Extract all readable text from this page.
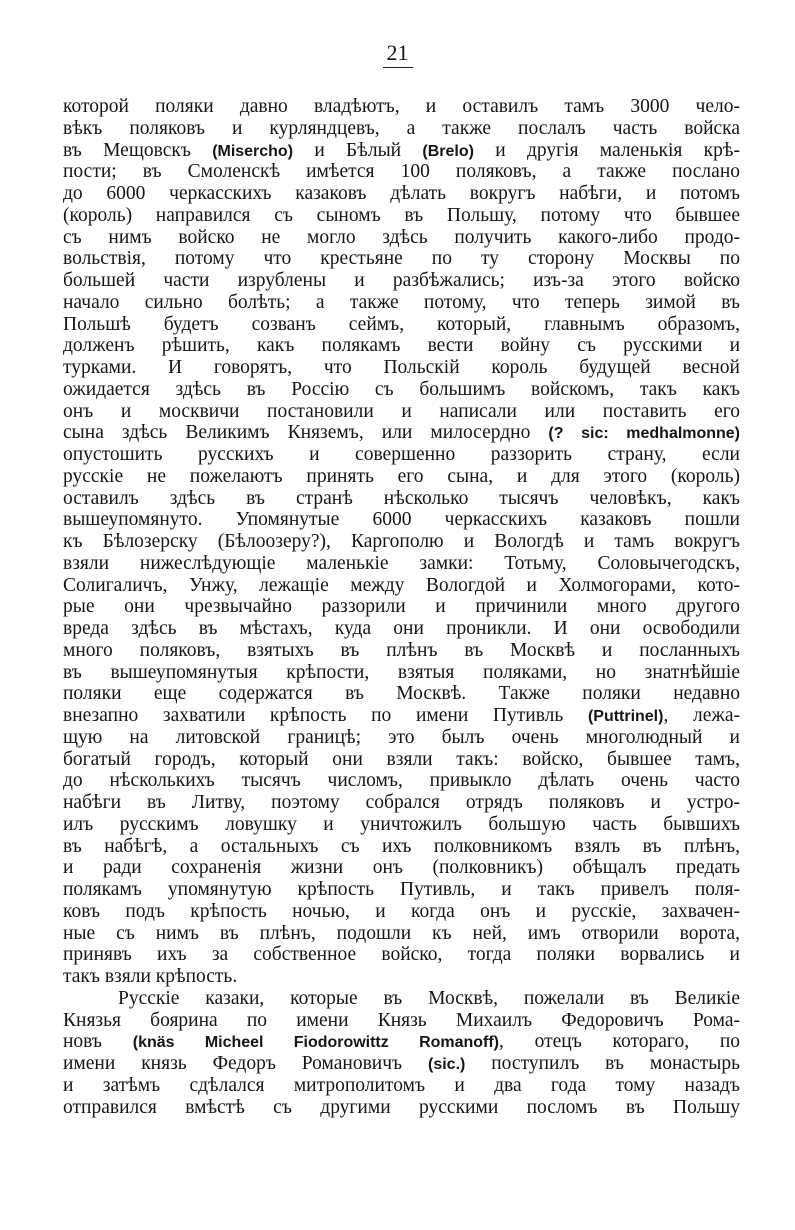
21
которой поляки давно владѣютъ, и оставилъ тамъ 3000 чело-
вѣкъ поляковъ и курляндцевъ, а также послалъ часть войска
въ Мещовскъ (Misercho) и Бѣлый (Brelo) и другія маленькія крѣ-
пости; въ Смоленскѣ имѣется 100 поляковъ, а также послано
до 6000 черкасскихъ казаковъ дѣлать вокругъ набѣги, и потомъ
(король) направился съ сыномъ въ Польшу, потому что бывшее
съ нимъ войско не могло здѣсь получить какого-либо продо-
вольствія, потому что крестьяне по ту сторону Москвы по
большей части изрублены и разбѣжались; изъ-за этого войско
начало сильно болѣть; а также потому, что теперь зимой въ
Польшѣ будетъ созванъ сеймъ, который, главнымъ образомъ,
долженъ рѣшить, какъ полякамъ вести войну съ русскими и
турками. И говорятъ, что Польскій король будущей весной
ожидается здѣсь въ Россію съ большимъ войскомъ, такъ какъ
онъ и москвичи постановили и написали или поставить его
сына здѣсь Великимъ Княземъ, или милосердно (? sic: medhalmonne)
опустошить русскихъ и совершенно раззорить страну, если
русскіе не пожелаютъ принять его сына, и для этого (король)
оставилъ здѣсь въ странѣ нѣсколько тысячъ человѣкъ, какъ
вышеупомянуто. Упомянутые 6000 черкасскихъ казаковъ пошли
къ Бѣлозерску (Бѣлоозеру?), Каргополю и Вологдѣ и тамъ вокругъ
взяли нижеслѣдующіе маленькіе замки: Тотьму, Соловычегодскъ,
Солигаличъ, Унжу, лежащіе между Вологдой и Холмогорами, кото-
рые они чрезвычайно раззорили и причинили много другого
вреда здѣсь въ мѣстахъ, куда они проникли. И они освободили
много поляковъ, взятыхъ въ плѣнъ въ Москвѣ и посланныхъ
въ вышеупомянутыя крѣпости, взятыя поляками, но знатнѣйшіе
поляки еще содержатся въ Москвѣ. Также поляки недавно
внезапно захватили крѣпость по имени Путивль (Puttrinel), лежа-
щую на литовской границѣ; это былъ очень многолюдный и
богатый городъ, который они взяли такъ: войско, бывшее тамъ,
до нѣсколькихъ тысячъ числомъ, привыкло дѣлать очень часто
набѣги въ Литву, поэтому собрался отрядъ поляковъ и устро-
илъ русскимъ ловушку и уничтожилъ большую часть бывшихъ
въ набѣгѣ, а остальныхъ съ ихъ полковникомъ взялъ въ плѣнъ,
и ради сохраненія жизни онъ (полковникъ) обѣщалъ предать
полякамъ упомянутую крѣпость Путивль, и такъ привелъ поля-
ковъ подъ крѣпость ночью, и когда онъ и русскіе, захвачен-
ные съ нимъ въ плѣнъ, подошли къ ней, имъ отворили ворота,
принявъ ихъ за собственное войско, тогда поляки ворвались и
такъ взяли крѣпость.
Русскіе казаки, которые въ Москвѣ, пожелали въ Великіе
Князья боярина по имени Князь Михаилъ Федоровичъ Рома-
новъ (knäs Micheel Fiodorowittz Romanoff), отецъ котораго, по
имени князь Федоръ Романовичъ (sic.) поступилъ въ монастырь
и затѣмъ сдѣлался митрополитомъ и два года тому назадъ
отправился вмѣстѣ съ другими русскими посломъ въ Польшу
